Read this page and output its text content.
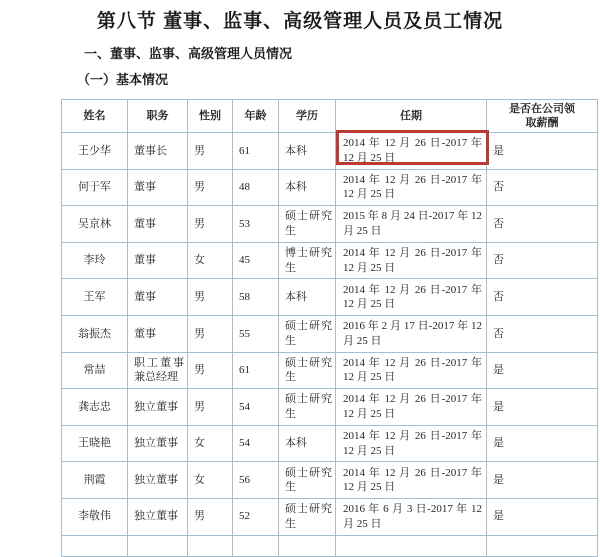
第八节 董事、监事、高级管理人员及员工情况
一、董事、监事、高级管理人员情况
（一）基本情况
姓名	职务	性别	年龄	学历	任期	是否在公司领取薪酬
王少华	董事长	男	61	本科	2014 年 12 月 26 日-2017 年 12 月 25 日	是
何于军	董事	男	48	本科	2014 年 12 月 26 日-2017 年 12 月 25 日	否
吴京林	董事	男	53	硕士研究生	2015 年 8 月 24 日-2017 年 12 月 25 日	否
李玲	董事	女	45	博士研究生	2014 年 12 月 26 日-2017 年 12 月 25 日	否
王军	董事	男	58	本科	2014 年 12 月 26 日-2017 年 12 月 25 日	否
翁振杰	董事	男	55	硕士研究生	2016 年 2 月 17 日-2017 年 12 月 25 日	否
常喆	职工董事兼总经理	男	61	硕士研究生	2014 年 12 月 26 日-2017 年 12 月 25 日	是
龚志忠	独立董事	男	54	硕士研究生	2014 年 12 月 26 日-2017 年 12 月 25 日	是
王晓艳	独立董事	女	54	本科	2014 年 12 月 26 日-2017 年 12 月 25 日	是
荆霞	独立董事	女	56	硕士研究生	2014 年 12 月 26 日-2017 年 12 月 25 日	是
李敬伟	独立董事	男	52	硕士研究生	2016 年 6 月 3 日-2017 年 12 月 25 日	是
